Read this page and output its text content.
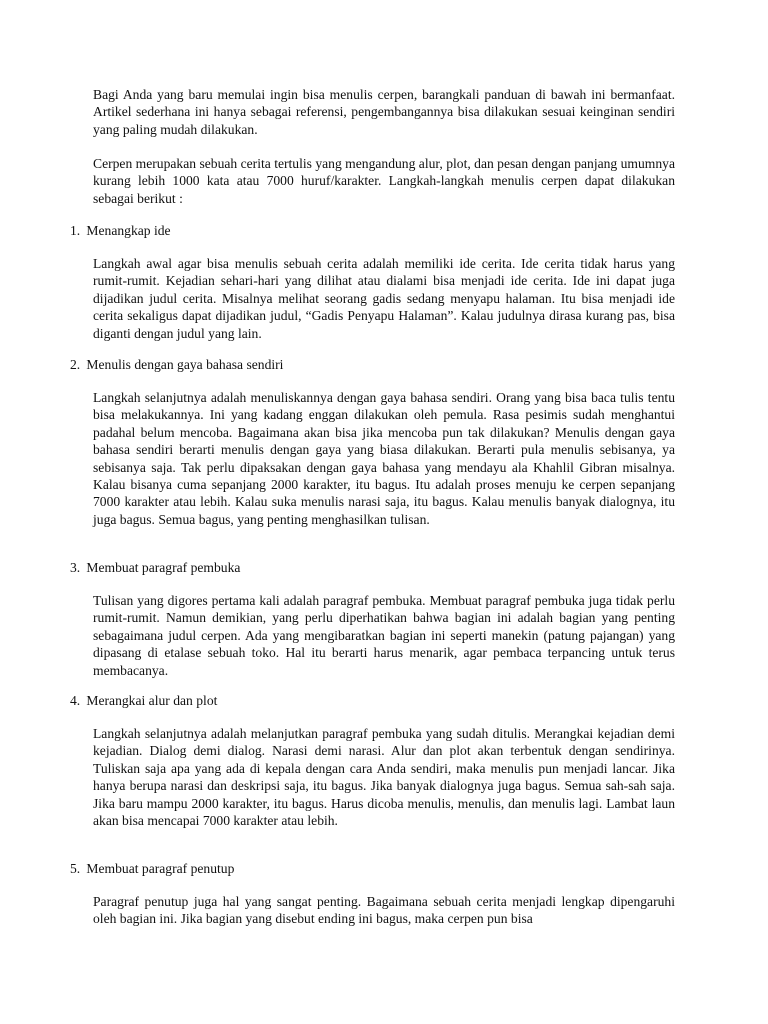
Bagi Anda yang baru memulai ingin bisa menulis cerpen, barangkali panduan di bawah ini bermanfaat. Artikel sederhana ini hanya sebagai referensi, pengembangannya bisa dilakukan sesuai keinginan sendiri yang paling mudah dilakukan.

Cerpen merupakan sebuah cerita tertulis yang mengandung alur, plot, dan pesan dengan panjang umumnya kurang lebih 1000 kata atau 7000 huruf/karakter. Langkah-langkah menulis cerpen dapat dilakukan sebagai berikut :

1. Menangkap ide

Langkah awal agar bisa menulis sebuah cerita adalah memiliki ide cerita. Ide cerita tidak harus yang rumit-rumit. Kejadian sehari-hari yang dilihat atau dialami bisa menjadi ide cerita. Ide ini dapat juga dijadikan judul cerita. Misalnya melihat seorang gadis sedang menyapu halaman. Itu bisa menjadi ide cerita sekaligus dapat dijadikan judul, “Gadis Penyapu Halaman”. Kalau judulnya dirasa kurang pas, bisa diganti dengan judul yang lain.

2. Menulis dengan gaya bahasa sendiri

Langkah selanjutnya adalah menuliskannya dengan gaya bahasa sendiri. Orang yang bisa baca tulis tentu bisa melakukannya. Ini yang kadang enggan dilakukan oleh pemula. Rasa pesimis sudah menghantui padahal belum mencoba. Bagaimana akan bisa jika mencoba pun tak dilakukan? Menulis dengan gaya bahasa sendiri berarti menulis dengan gaya yang biasa dilakukan. Berarti pula menulis sebisanya, ya sebisanya saja. Tak perlu dipaksakan dengan gaya bahasa yang mendayu ala Khahlil Gibran misalnya. Kalau bisanya cuma sepanjang 2000 karakter, itu bagus. Itu adalah proses menuju ke cerpen sepanjang 7000 karakter atau lebih. Kalau suka menulis narasi saja, itu bagus. Kalau menulis banyak dialognya, itu juga bagus. Semua bagus, yang penting menghasilkan tulisan.

3. Membuat paragraf pembuka

Tulisan yang digores pertama kali adalah paragraf pembuka. Membuat paragraf pembuka juga tidak perlu rumit-rumit. Namun demikian, yang perlu diperhatikan bahwa bagian ini adalah bagian yang penting sebagaimana judul cerpen. Ada yang mengibaratkan bagian ini seperti manekin (patung pajangan) yang dipasang di etalase sebuah toko. Hal itu berarti harus menarik, agar pembaca terpancing untuk terus membacanya.

4. Merangkai alur dan plot

Langkah selanjutnya adalah melanjutkan paragraf pembuka yang sudah ditulis. Merangkai kejadian demi kejadian. Dialog demi dialog. Narasi demi narasi. Alur dan plot akan terbentuk dengan sendirinya. Tuliskan saja apa yang ada di kepala dengan cara Anda sendiri, maka menulis pun menjadi lancar. Jika hanya berupa narasi dan deskripsi saja, itu bagus. Jika banyak dialognya juga bagus. Semua sah-sah saja. Jika baru mampu 2000 karakter, itu bagus. Harus dicoba menulis, menulis, dan menulis lagi. Lambat laun akan bisa mencapai 7000 karakter atau lebih.

5. Membuat paragraf penutup

Paragraf penutup juga hal yang sangat penting. Bagaimana sebuah cerita menjadi lengkap dipengaruhi oleh bagian ini. Jika bagian yang disebut ending ini bagus, maka cerpen pun bisa
